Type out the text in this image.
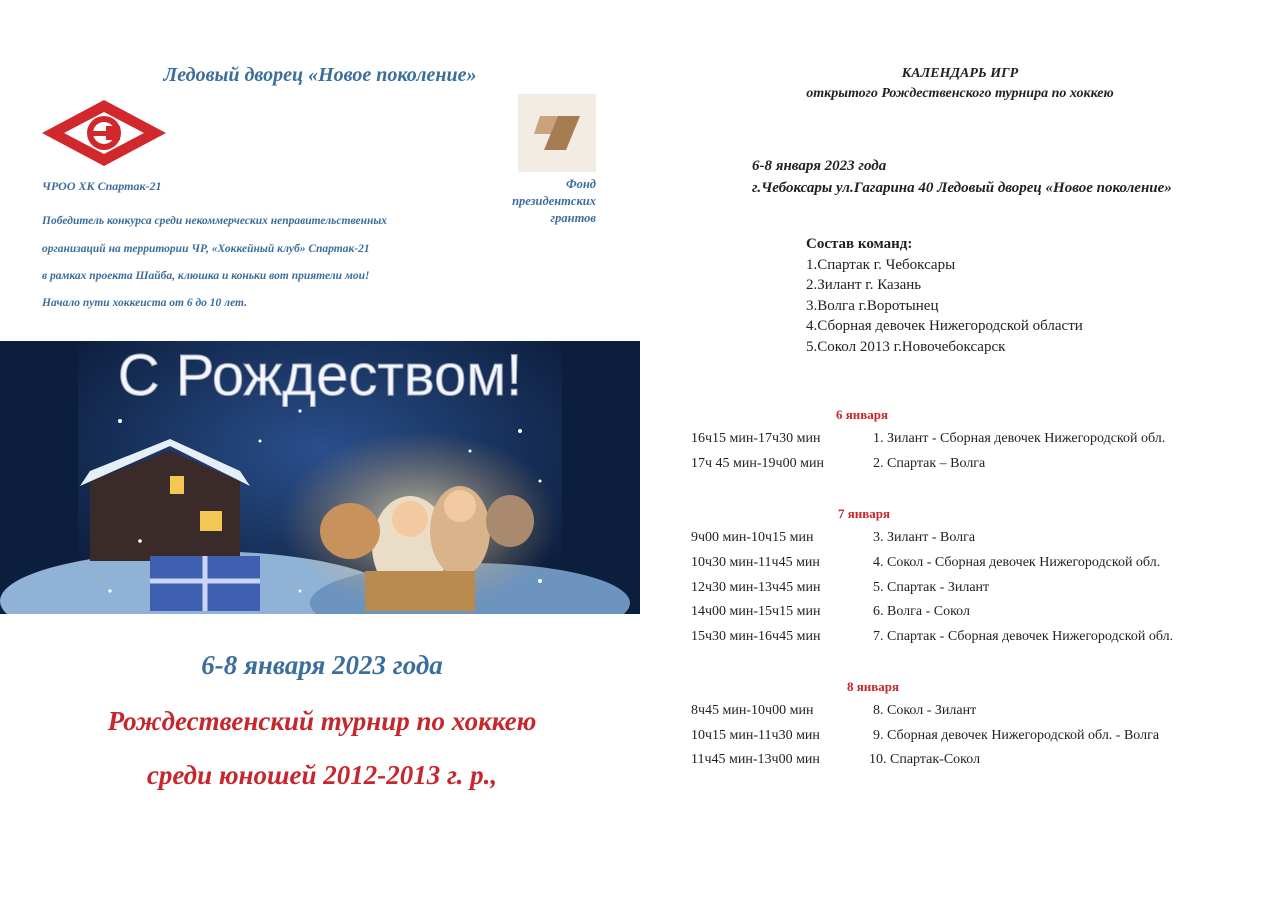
Ледовый дворец «Новое поколение»
ЧРОО ХК Спартак-21	Фонд
президентских
грантов
Победитель конкурса среди некоммерческих неправительственных
организаций на территории ЧР, «Хоккейный клуб» Спартак-21
в рамках проекта Шайба, клюшка и коньки вот приятели мои!
Начало пути хоккеиста от 6 до 10 лет.
С Рождеством!
6-8 января 2023 года
Рождественский турнир по хоккею
среди юношей 2012-2013 г. р.,
КАЛЕНДАРЬ ИГР
открытого Рождественского турнира по хоккею
6-8 января 2023 года
г.Чебоксары ул.Гагарина 40 Ледовый дворец «Новое поколение»
Состав команд:
1.Спартак г. Чебоксары
2.Зилант г. Казань
3.Волга г.Воротынец
4.Сборная девочек Нижегородской области
5.Сокол 2013 г.Новочебоксарск
6 января
16ч15 мин-17ч30 мин	1. Зилант - Сборная девочек Нижегородской обл.
17ч 45 мин-19ч00 мин	2. Спартак – Волга
7 января
9ч00 мин-10ч15 мин	3. Зилант - Волга
10ч30 мин-11ч45 мин	4. Сокол - Сборная девочек Нижегородской обл.
12ч30 мин-13ч45 мин	5. Спартак - Зилант
14ч00 мин-15ч15 мин	6. Волга - Сокол
15ч30 мин-16ч45 мин	7. Спартак - Сборная девочек Нижегородской обл.
8 января
8ч45 мин-10ч00 мин	8. Сокол - Зилант
10ч15 мин-11ч30 мин	9. Сборная девочек Нижегородской обл. - Волга
11ч45 мин-13ч00 мин	10. Спартак-Сокол
